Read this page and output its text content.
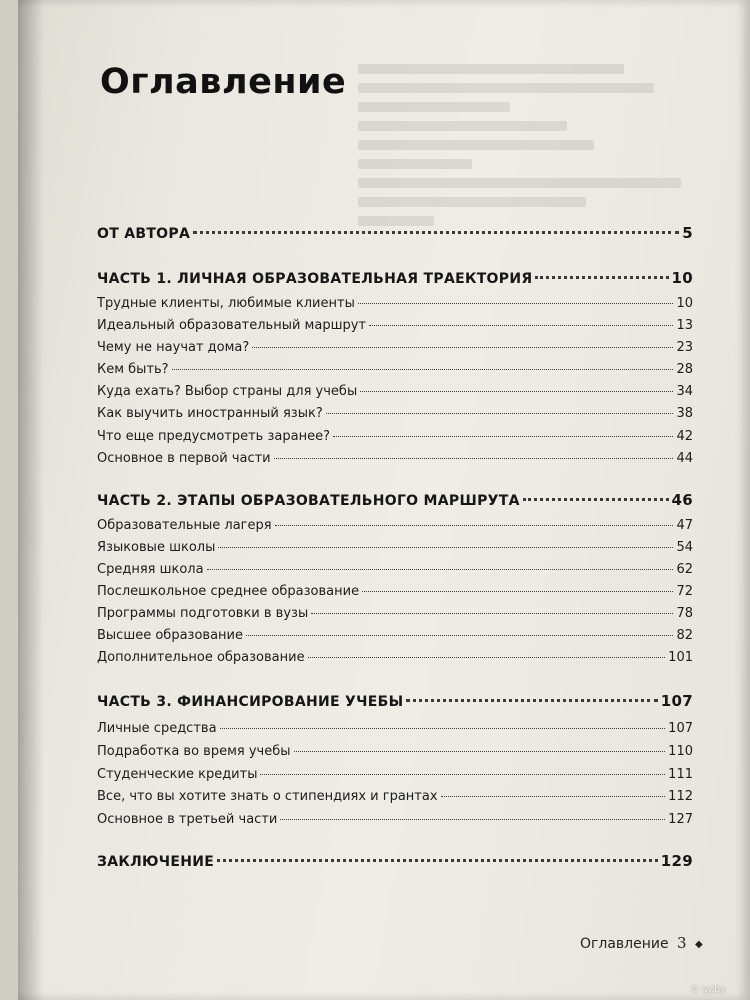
Оглавление
ОТ АВТОРА	5
ЧАСТЬ 1. ЛИЧНАЯ ОБРАЗОВАТЕЛЬНАЯ ТРАЕКТОРИЯ	10
Трудные клиенты, любимые клиенты	10
Идеальный образовательный маршрут	13
Чему не научат дома?	23
Кем быть?	28
Куда ехать? Выбор страны для учебы	34
Как выучить иностранный язык?	38
Что еще предусмотреть заранее?	42
Основное в первой части	44
ЧАСТЬ 2. ЭТАПЫ ОБРАЗОВАТЕЛЬНОГО МАРШРУТА	46
Образовательные лагеря	47
Языковые школы	54
Средняя школа	62
Послешкольное среднее образование	72
Программы подготовки в вузы	78
Высшее образование	82
Дополнительное образование	101
ЧАСТЬ 3. ФИНАНСИРОВАНИЕ УЧЕБЫ	107
Личные средства	107
Подработка во время учебы	110
Студенческие кредиты	111
Все, что вы хотите знать о стипендиях и грантах	112
Основное в третьей части	127
ЗАКЛЮЧЕНИЕ	129
Оглавление 3 ◆
© ay.by
